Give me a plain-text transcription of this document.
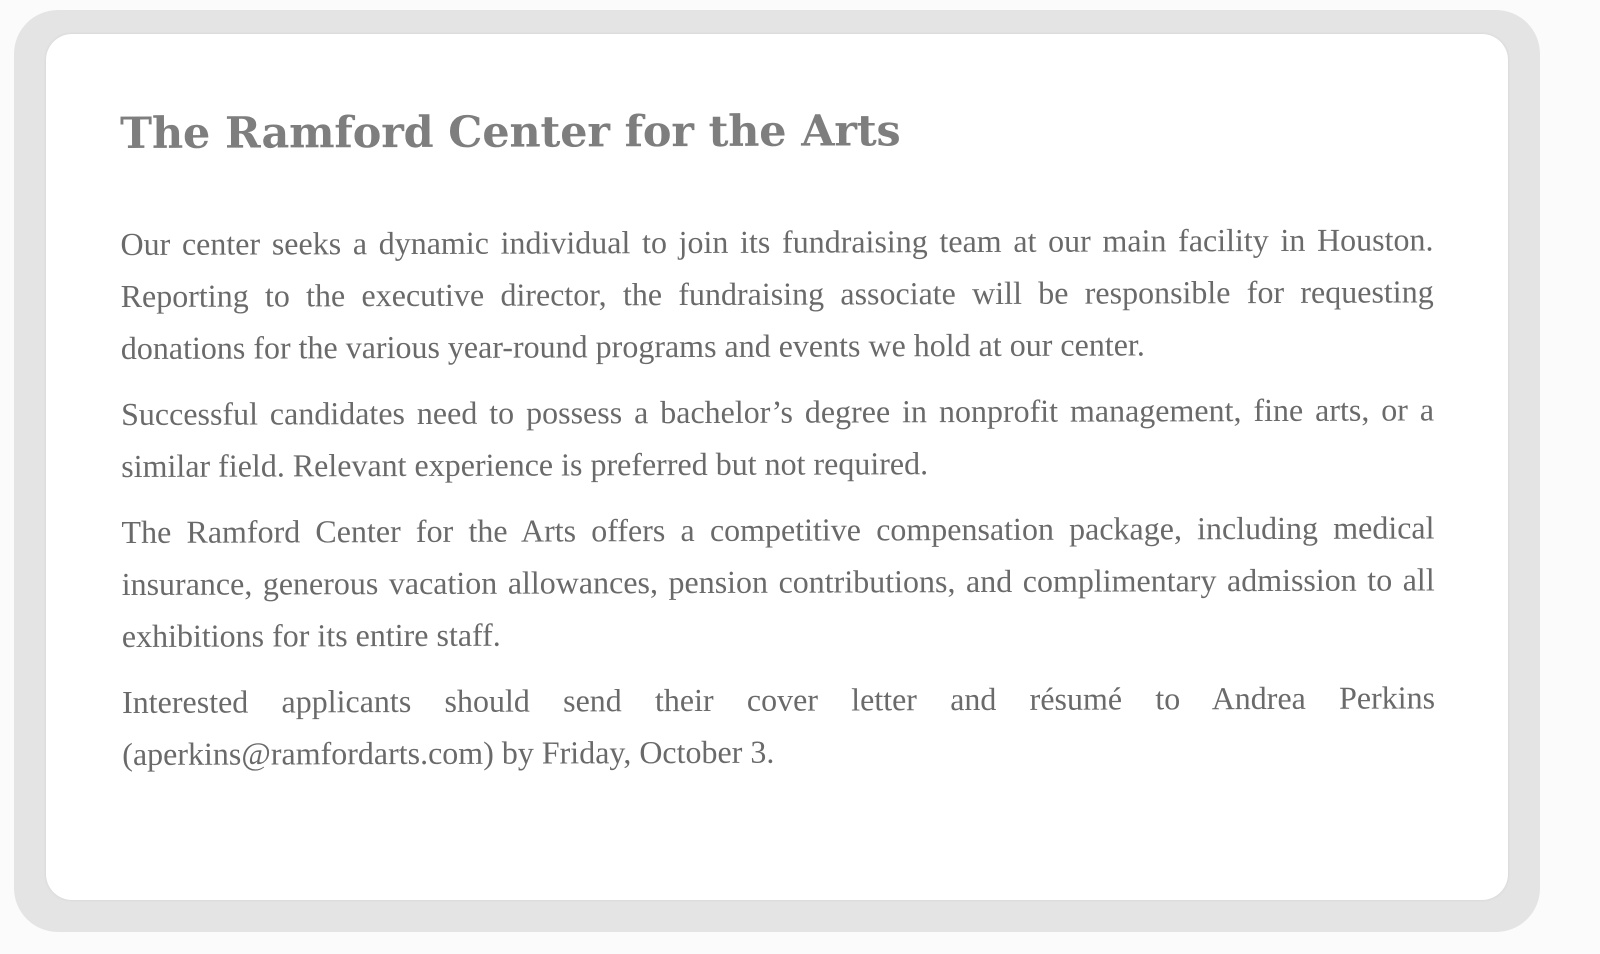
The Ramford Center for the Arts

Our center seeks a dynamic individual to join its fundraising team at our main facility in Houston. Reporting to the executive director, the fundraising associate will be responsible for requesting donations for the various year-round programs and events we hold at our center.

Successful candidates need to possess a bachelor’s degree in nonprofit management, fine arts, or a similar field. Relevant experience is preferred but not required.

The Ramford Center for the Arts offers a competitive compensation package, including medical insurance, generous vacation allowances, pension contributions, and complimentary admission to all exhibitions for its entire staff.

Interested applicants should send their cover letter and résumé to Andrea Perkins (aperkins@ramfordarts.com) by Friday, October 3.
